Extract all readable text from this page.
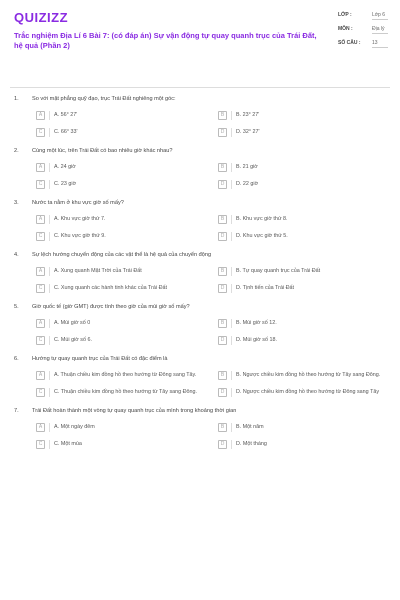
QUIZIZZ
Trắc nghiệm Địa Lí 6 Bài 7: (có đáp án) Sự vận động tự quay quanh trục của Trái Đất, hệ quả (Phần 2)
LỚP :	Lớp 6
MÔN :	Địa lý
SỐ CÂU : 13
1.	So với mặt phẳng quỹ đạo, trục Trái Đất nghiêng một góc:
A	A. 56° 27'	B	B. 23° 27'
C	C. 66° 33'	D	D. 32° 27'
2.	Cùng một lúc, trên Trái Đất có bao nhiêu giờ khác nhau?
A	A. 24 giờ	B	B. 21 giờ
C	C. 23 giờ	D	D. 22 giờ
3.	Nước ta nằm ở khu vực giờ số mấy?
A	A. Khu vực giờ thứ 7.	B	B. Khu vực giờ thứ 8.
C	C. Khu vực giờ thứ 9.	D	D. Khu vực giờ thứ 5.
4.	Sự lệch hướng chuyển động của các vật thể là hệ quả của chuyển động
A	A. Xung quanh Mặt Trời của Trái Đất	B	B. Tự quay quanh trục của Trái Đất
C	C. Xung quanh các hành tinh khác của Trái Đất	D	D. Tịnh tiến của Trái Đất
5.	Giờ quốc tế (giờ GMT) được tính theo giờ của múi giờ số mấy?
A	A. Múi giờ số 0	B	B. Múi giờ số 12.
C	C. Múi giờ số 6.	D	D. Múi giờ số 18.
6.	Hướng tự quay quanh trục của Trái Đất có đặc điểm là
A	A. Thuận chiều kim đồng hồ theo hướng từ Đông sang Tây.	B	B. Ngược chiều kim đồng hồ theo hướng từ Tây sang Đông.
C	C. Thuận chiều kim đồng hồ theo hướng từ Tây sang Đông.	D	D. Ngược chiều kim đồng hồ theo hướng từ Đông sang Tây
7.	Trái Đất hoàn thành một vòng tự quay quanh trục của mình trong khoảng thời gian
A	A. Một ngày đêm	B	B. Một năm
C	C. Một mùa	D	D. Một tháng
